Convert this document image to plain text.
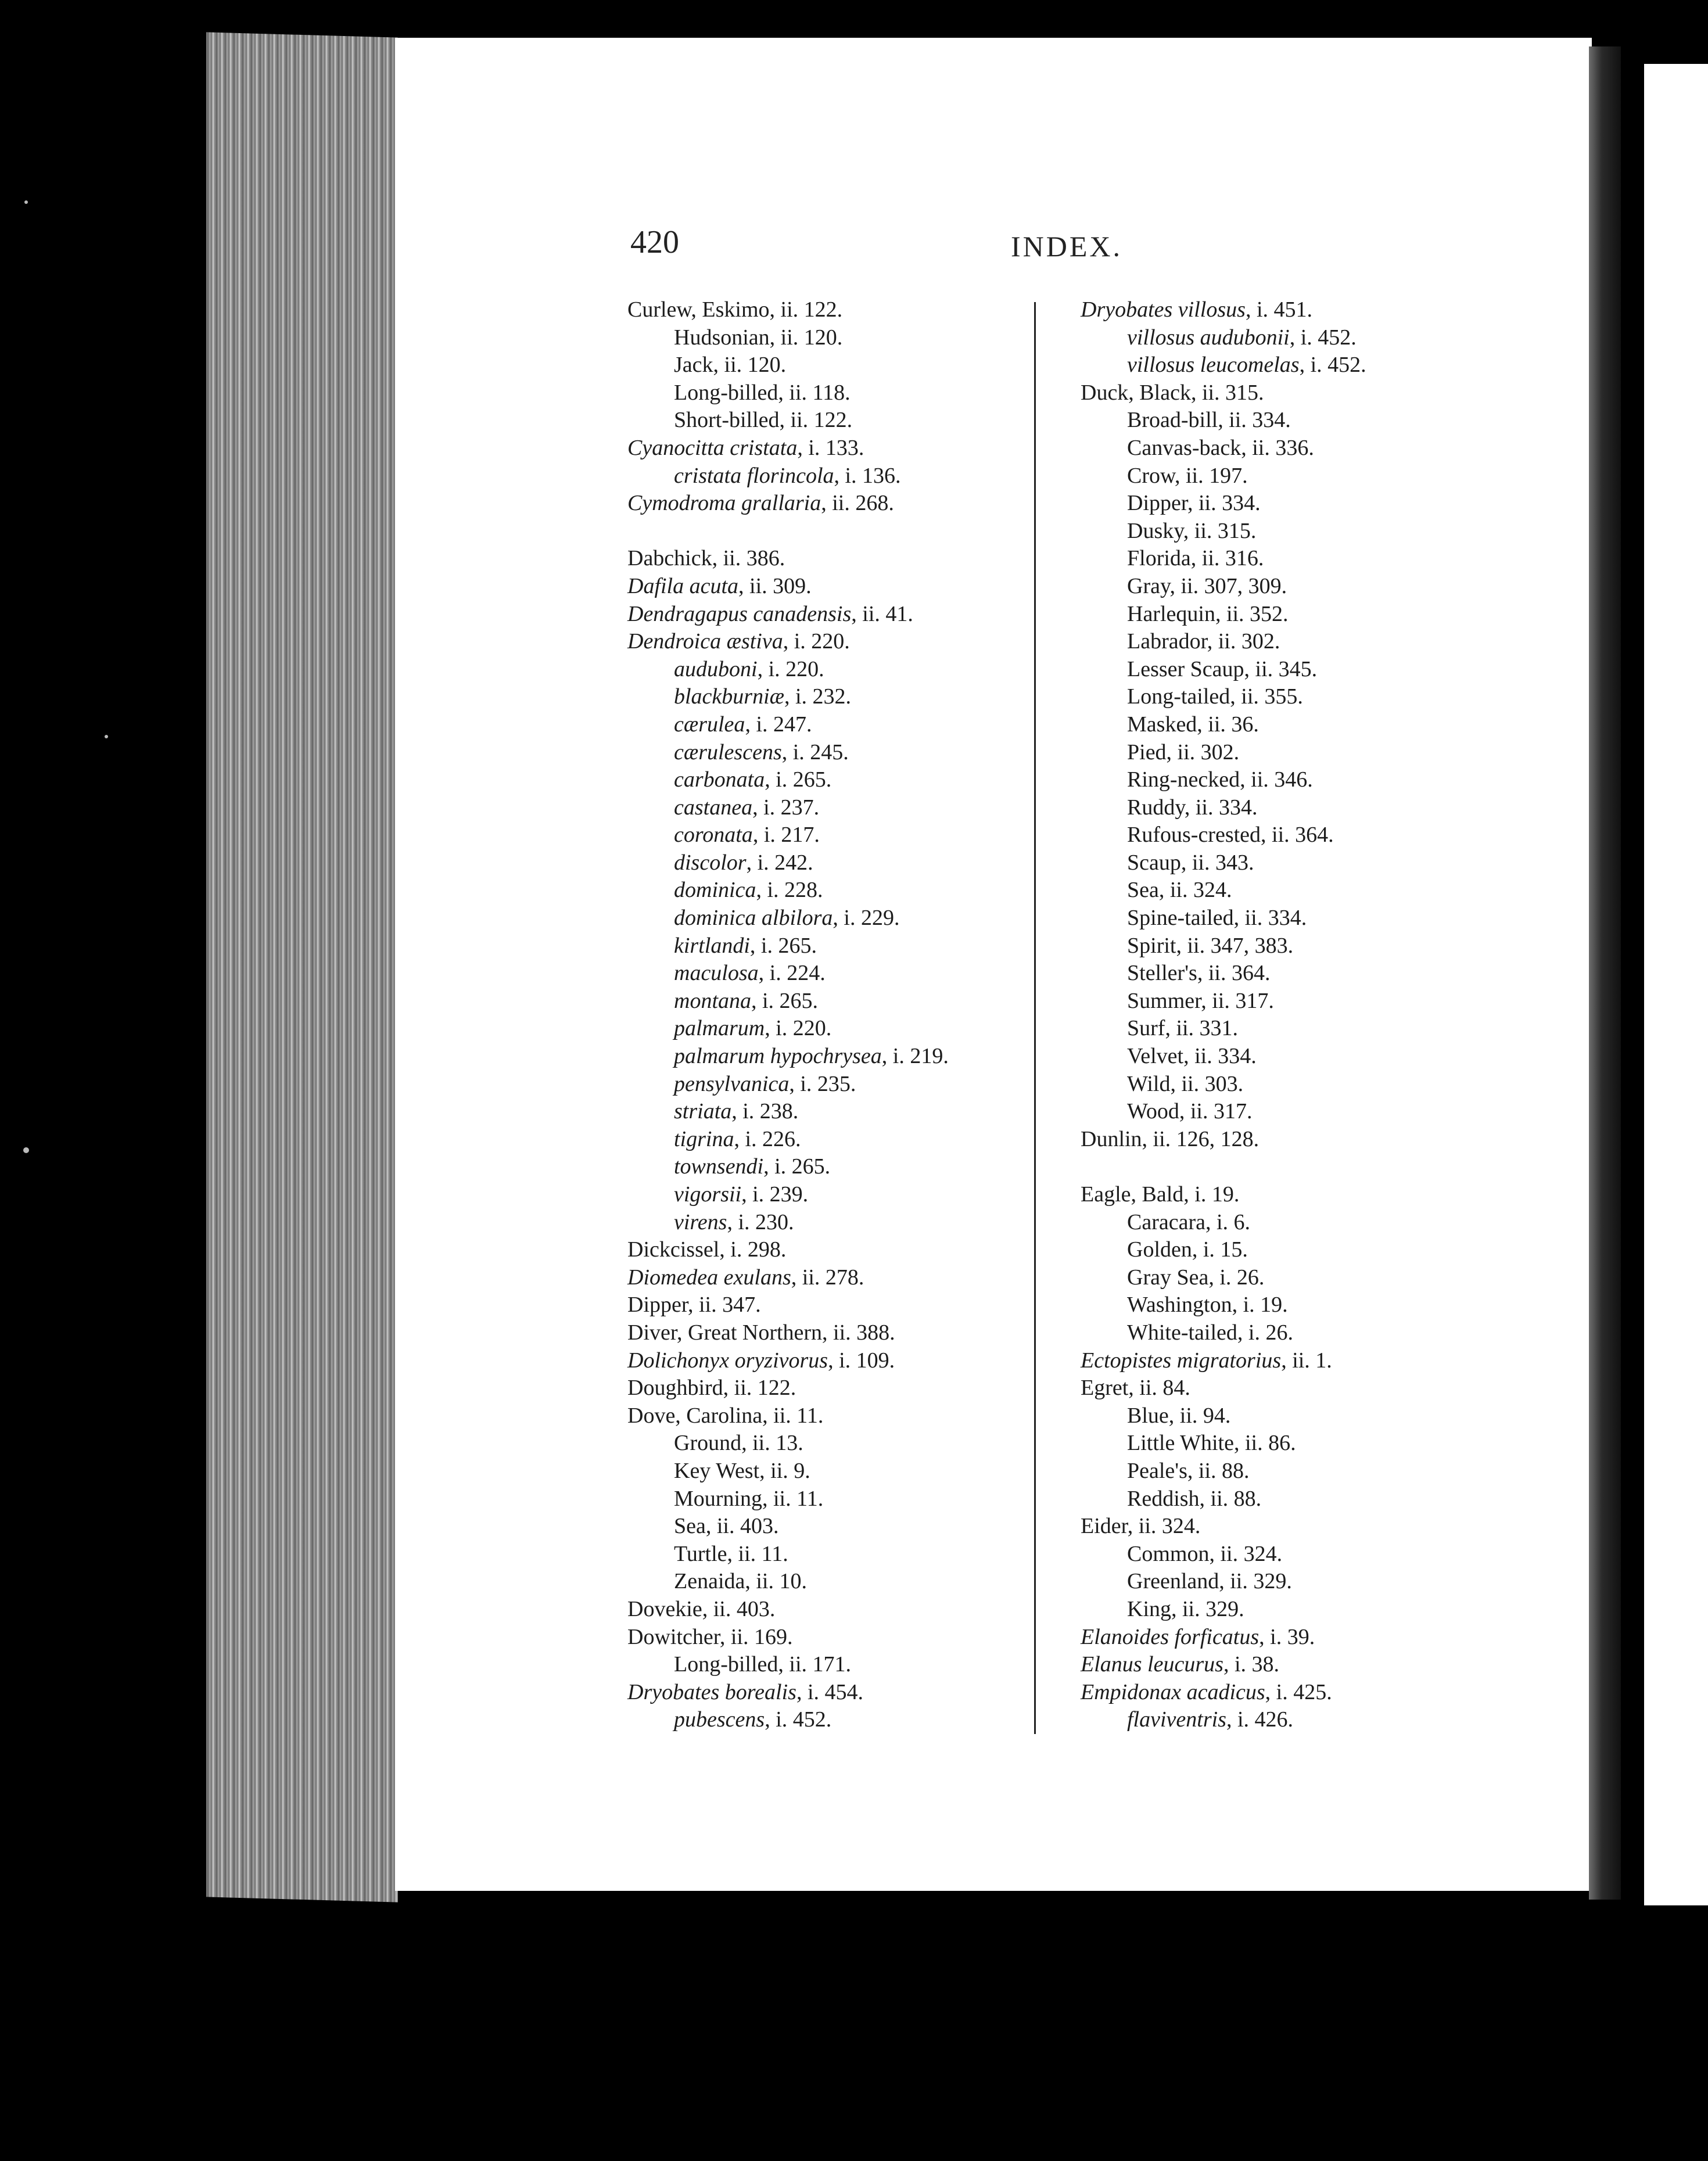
420	INDEX.
Curlew, Eskimo, ii. 122.
Hudsonian, ii. 120.
Jack, ii. 120.
Long-billed, ii. 118.
Short-billed, ii. 122.
Cyanocitta cristata, i. 133.
cristata florincola, i. 136.
Cymodroma grallaria, ii. 268.
Dabchick, ii. 386.
Dafila acuta, ii. 309.
Dendragapus canadensis, ii. 41.
Dendroica æstiva, i. 220.
auduboni, i. 220.
blackburniæ, i. 232.
cærulea, i. 247.
cærulescens, i. 245.
carbonata, i. 265.
castanea, i. 237.
coronata, i. 217.
discolor, i. 242.
dominica, i. 228.
dominica albilora, i. 229.
kirtlandi, i. 265.
maculosa, i. 224.
montana, i. 265.
palmarum, i. 220.
palmarum hypochrysea, i. 219.
pensylvanica, i. 235.
striata, i. 238.
tigrina, i. 226.
townsendi, i. 265.
vigorsii, i. 239.
virens, i. 230.
Dickcissel, i. 298.
Diomedea exulans, ii. 278.
Dipper, ii. 347.
Diver, Great Northern, ii. 388.
Dolichonyx oryzivorus, i. 109.
Doughbird, ii. 122.
Dove, Carolina, ii. 11.
Ground, ii. 13.
Key West, ii. 9.
Mourning, ii. 11.
Sea, ii. 403.
Turtle, ii. 11.
Zenaida, ii. 10.
Dovekie, ii. 403.
Dowitcher, ii. 169.
Long-billed, ii. 171.
Dryobates borealis, i. 454.
pubescens, i. 452.
Dryobates villosus, i. 451.
villosus audubonii, i. 452.
villosus leucomelas, i. 452.
Duck, Black, ii. 315.
Broad-bill, ii. 334.
Canvas-back, ii. 336.
Crow, ii. 197.
Dipper, ii. 334.
Dusky, ii. 315.
Florida, ii. 316.
Gray, ii. 307, 309.
Harlequin, ii. 352.
Labrador, ii. 302.
Lesser Scaup, ii. 345.
Long-tailed, ii. 355.
Masked, ii. 36.
Pied, ii. 302.
Ring-necked, ii. 346.
Ruddy, ii. 334.
Rufous-crested, ii. 364.
Scaup, ii. 343.
Sea, ii. 324.
Spine-tailed, ii. 334.
Spirit, ii. 347, 383.
Steller's, ii. 364.
Summer, ii. 317.
Surf, ii. 331.
Velvet, ii. 334.
Wild, ii. 303.
Wood, ii. 317.
Dunlin, ii. 126, 128.
Eagle, Bald, i. 19.
Caracara, i. 6.
Golden, i. 15.
Gray Sea, i. 26.
Washington, i. 19.
White-tailed, i. 26.
Ectopistes migratorius, ii. 1.
Egret, ii. 84.
Blue, ii. 94.
Little White, ii. 86.
Peale's, ii. 88.
Reddish, ii. 88.
Eider, ii. 324.
Common, ii. 324.
Greenland, ii. 329.
King, ii. 329.
Elanoides forficatus, i. 39.
Elanus leucurus, i. 38.
Empidonax acadicus, i. 425.
flaviventris, i. 426.
